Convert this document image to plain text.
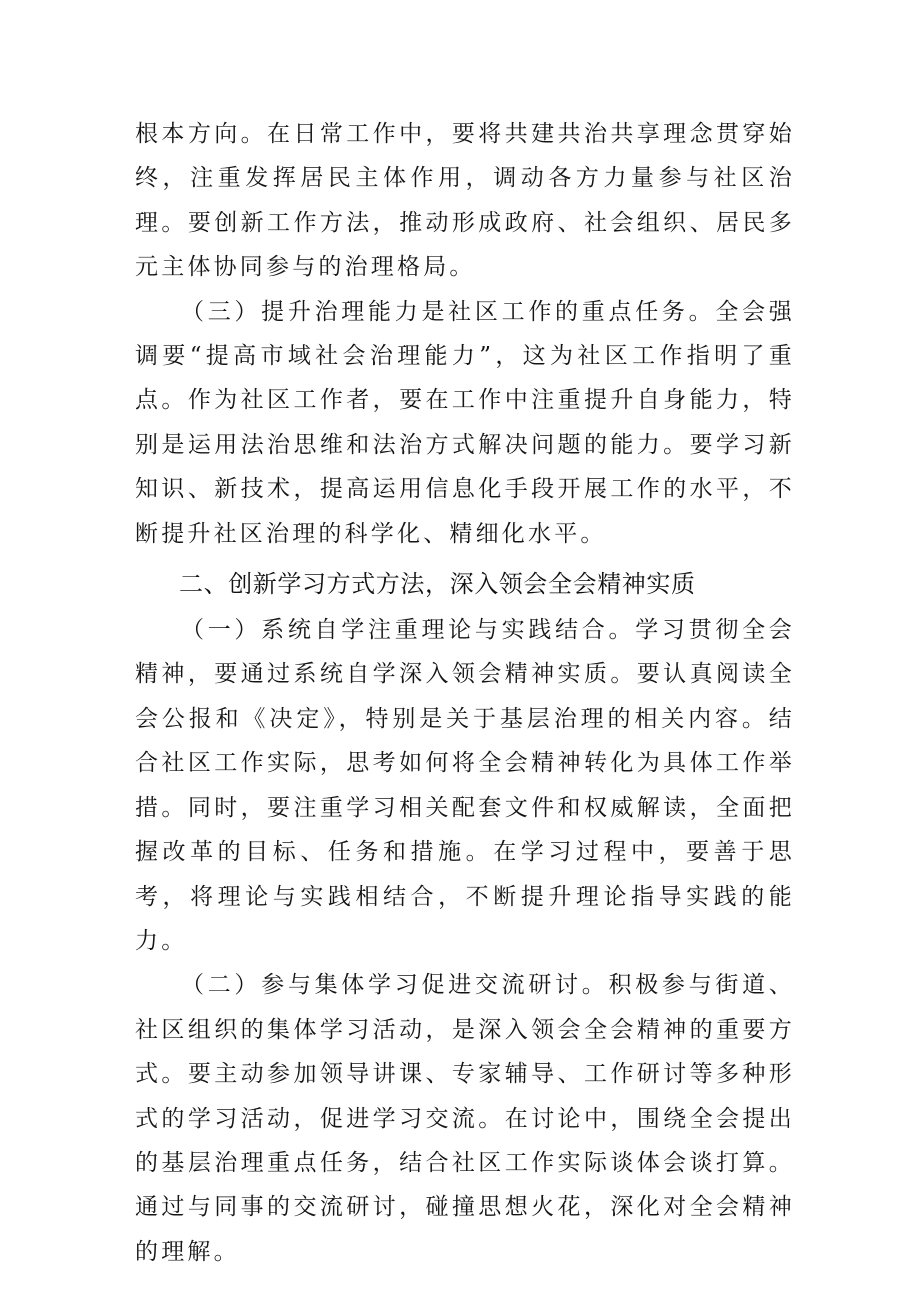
根本方向。在日常工作中，要将共建共治共享理念贯穿始终，注重发挥居民主体作用，调动各方力量参与社区治理。要创新工作方法，推动形成政府、社会组织、居民多元主体协同参与的治理格局。

（三）提升治理能力是社区工作的重点任务。全会强调要“提高市域社会治理能力”，这为社区工作指明了重点。作为社区工作者，要在工作中注重提升自身能力，特别是运用法治思维和法治方式解决问题的能力。要学习新知识、新技术，提高运用信息化手段开展工作的水平，不断提升社区治理的科学化、精细化水平。

二、创新学习方式方法，深入领会全会精神实质

（一）系统自学注重理论与实践结合。学习贯彻全会精神，要通过系统自学深入领会精神实质。要认真阅读全会公报和《决定》，特别是关于基层治理的相关内容。结合社区工作实际，思考如何将全会精神转化为具体工作举措。同时，要注重学习相关配套文件和权威解读，全面把握改革的目标、任务和措施。在学习过程中，要善于思考，将理论与实践相结合，不断提升理论指导实践的能力。

（二）参与集体学习促进交流研讨。积极参与街道、社区组织的集体学习活动，是深入领会全会精神的重要方式。要主动参加领导讲课、专家辅导、工作研讨等多种形式的学习活动，促进学习交流。在讨论中，围绕全会提出的基层治理重点任务，结合社区工作实际谈体会谈打算。通过与同事的交流研讨，碰撞思想火花，深化对全会精神的理解。
